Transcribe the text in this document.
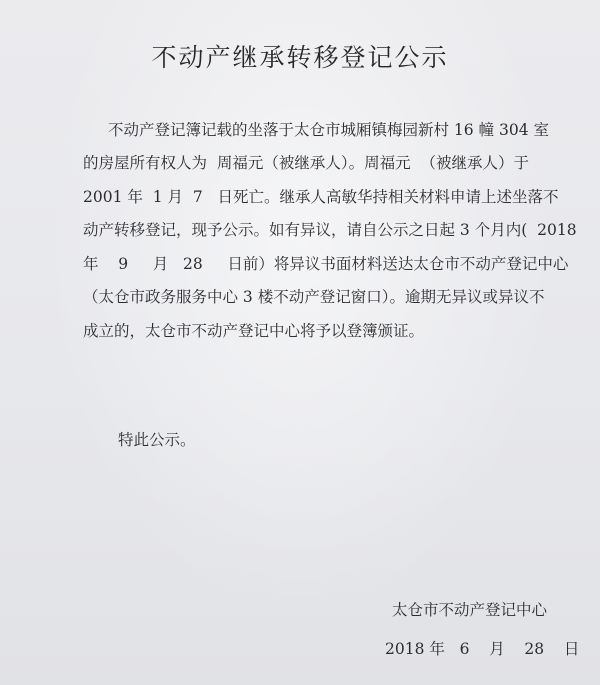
不动产继承转移登记公示
不动产登记簿记载的坐落于太仓市城厢镇梅园新村 16 幢 304 室
的房屋所有权人为  周福元（被继承人）。周福元  （被继承人）于
2001 年  1 月  7   日死亡。继承人高敏华持相关材料申请上述坐落不
动产转移登记，现予公示。如有异议，请自公示之日起 3 个月内(  2018
年    9     月   28     日前）将异议书面材料送达太仓市不动产登记中心
（太仓市政务服务中心 3 楼不动产登记窗口）。逾期无异议或异议不
成立的，太仓市不动产登记中心将予以登簿颁证。
特此公示。
太仓市不动产登记中心
2018 年   6    月    28    日
